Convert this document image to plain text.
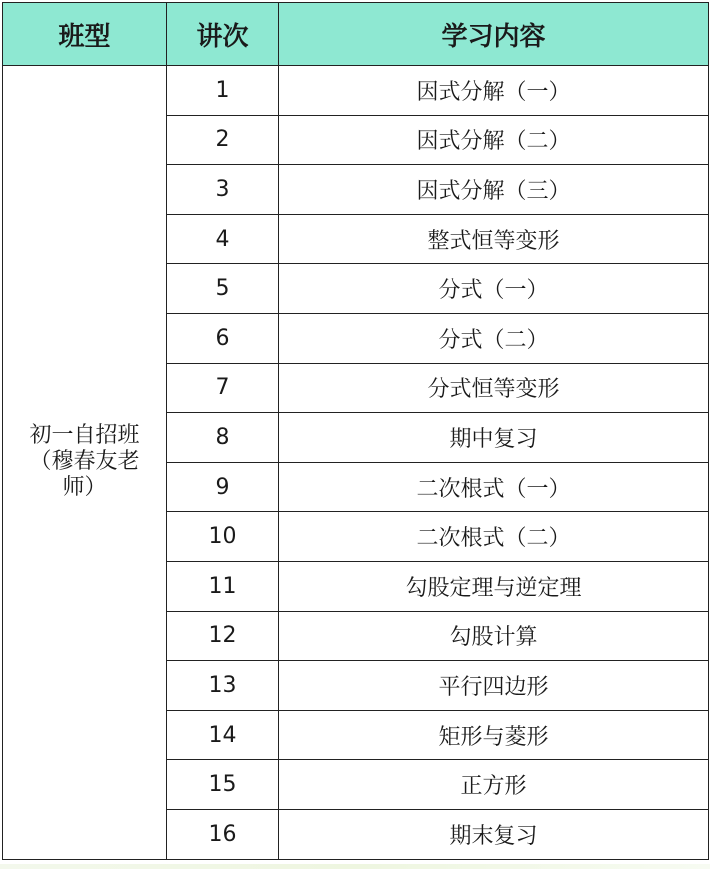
班型	讲次	学习内容
初一自招班
（穆春友老
师）	1	因式分解（一）
	2	因式分解（二）
	3	因式分解（三）
	4	整式恒等变形
	5	分式（一）
	6	分式（二）
	7	分式恒等变形
	8	期中复习
	9	二次根式（一）
	10	二次根式（二）
	11	勾股定理与逆定理
	12	勾股计算
	13	平行四边形
	14	矩形与菱形
	15	正方形
	16	期末复习
